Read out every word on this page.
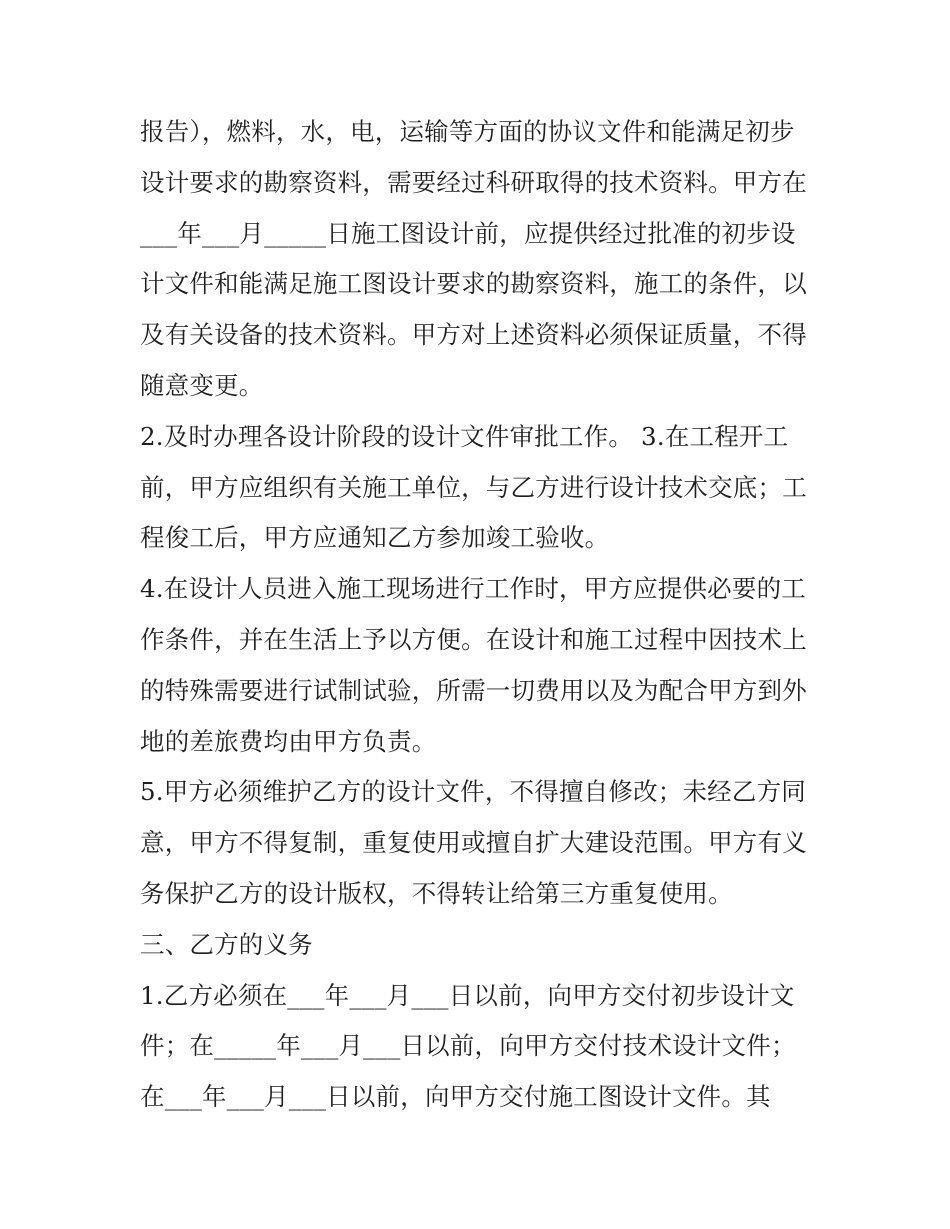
报告），燃料，水，电，运输等方面的协议文件和能满足初步
设计要求的勘察资料，需要经过科研取得的技术资料。甲方在
___年___月_____日施工图设计前，应提供经过批准的初步设
计文件和能满足施工图设计要求的勘察资料，施工的条件，以
及有关设备的技术资料。甲方对上述资料必须保证质量，不得
随意变更。
2.及时办理各设计阶段的设计文件审批工作。 3.在工程开工
前，甲方应组织有关施工单位，与乙方进行设计技术交底；工
程俊工后，甲方应通知乙方参加竣工验收。
4.在设计人员进入施工现场进行工作时，甲方应提供必要的工
作条件，并在生活上予以方便。在设计和施工过程中因技术上
的特殊需要进行试制试验，所需一切费用以及为配合甲方到外
地的差旅费均由甲方负责。
5.甲方必须维护乙方的设计文件，不得擅自修改；未经乙方同
意，甲方不得复制，重复使用或擅自扩大建设范围。甲方有义
务保护乙方的设计版权，不得转让给第三方重复使用。
三、乙方的义务
1.乙方必须在___年___月___日以前，向甲方交付初步设计文
件；在_____年___月___日以前，向甲方交付技术设计文件；
在___年___月___日以前，向甲方交付施工图设计文件。其
